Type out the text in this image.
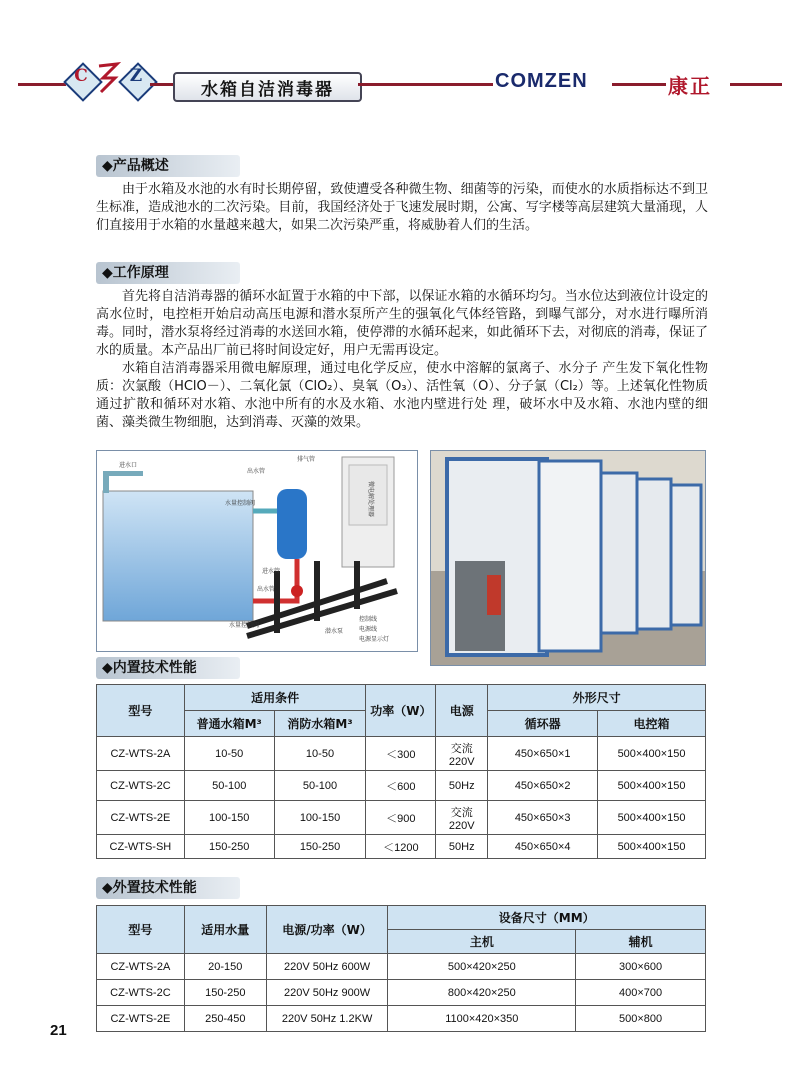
C	Z
水箱自洁消毒器	COMZEN	康正
◆产品概述

由于水箱及水池的水有时长期停留，致使遭受各种微生物、细菌等的污染，而使水的水质指标达不到卫生标准，造成池水的二次污染。目前，我国经济处于飞速发展时期，公寓、写字楼等高层建筑大量涌现，人们直接用于水箱的水量越来越大，如果二次污染严重，将威胁着人们的生活。

◆工作原理

首先将自洁消毒器的循环水缸置于水箱的中下部，以保证水箱的水循环均匀。当水位达到液位计设定的高水位时，电控柜开始启动高压电源和潜水泵所产生的强氧化气体经管路，到曝气部分，对水进行曝所消毒。同时，潜水泵将经过消毒的水送回水箱，使停滞的水循环起来，如此循环下去，对彻底的消毒，保证了水的质量。本产品出厂前已将时间设定好，用户无需再设定。

水箱自洁消毒器采用微电解原理，通过电化学反应，使水中溶解的氯离子、水分子 产生发下氧化性物质：次氯酸（HClO－）、二氧化氯（ClO₂）、臭氧（O₃）、活性氧（O）、分子氯（Cl₂）等。上述氧化性物质通过扩散和循环对水箱、水池中所有的水及水箱、水池内壁进行处 理，破坏水中及水箱、水池内壁的细菌、藻类微生物细胞，达到消毒、灭藻的效果。

进水口
出水管
排气管
水量控制阀	微电解处理器
进水管
出水管
水量控制阀
潜水泵
控制线
电源线
电源显示灯
◆内置技术性能
型号	适用条件		功率（W）	电源	外形尺寸	
	普通水箱M³	消防水箱M³			循环器	电控箱
CZ-WTS-2A	10-50	10-50	＜300	交流220V	450×650×1	500×400×150
CZ-WTS-2C	50-100	50-100	＜600	50Hz	450×650×2	500×400×150
CZ-WTS-2E	100-150	100-150	＜900	交流220V	450×650×3	500×400×150
CZ-WTS-SH	150-250	150-250	＜1200	50Hz	450×650×4	500×400×150
◆外置技术性能
型号	适用水量	电源/功率（W）	设备尺寸（MM）	
			主机	辅机
CZ-WTS-2A	20-150	220V 50Hz 600W	500×420×250	300×600
CZ-WTS-2C	150-250	220V 50Hz 900W	800×420×250	400×700
CZ-WTS-2E	250-450	220V 50Hz 1.2KW	1100×420×350	500×800
21
